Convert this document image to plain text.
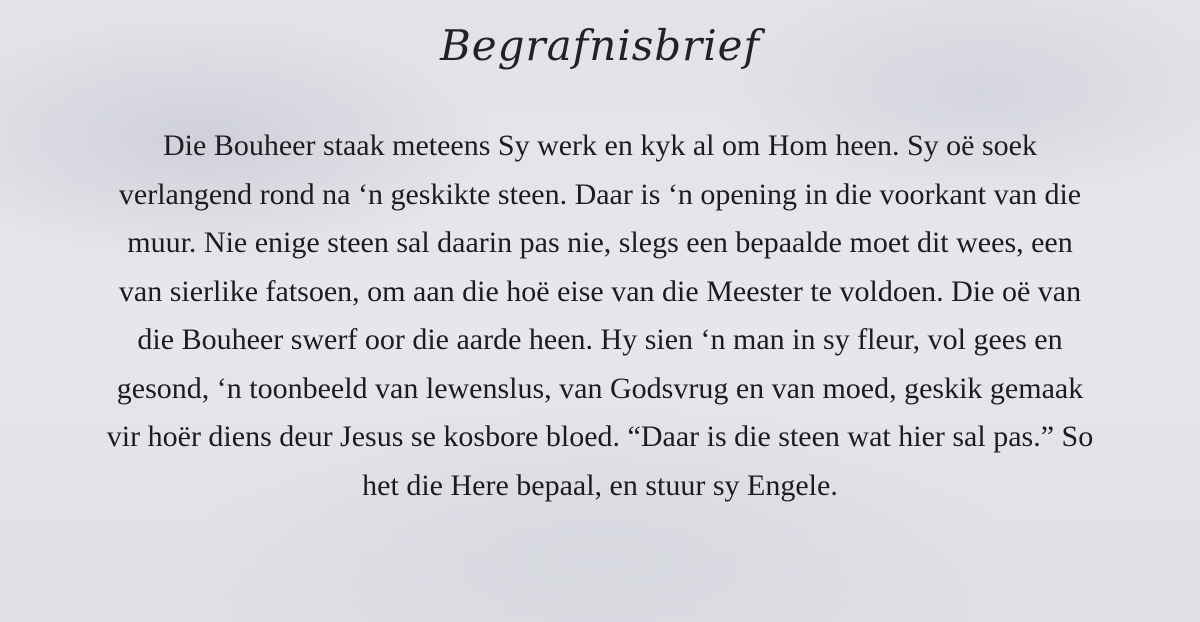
Begrafnisbrief
Die Bouheer staak meteens Sy werk en kyk al om Hom heen. Sy oë soek
verlangend rond na ‘n geskikte steen. Daar is ‘n opening in die voorkant van die
muur. Nie enige steen sal daarin pas nie, slegs een bepaalde moet dit wees, een
van sierlike fatsoen, om aan die hoë eise van die Meester te voldoen. Die oë van
die Bouheer swerf oor die aarde heen. Hy sien ‘n man in sy fleur, vol gees en
gesond, ‘n toonbeeld van lewenslus, van Godsvrug en van moed, geskik gemaak
vir hoër diens deur Jesus se kosbore bloed. “Daar is die steen wat hier sal pas.” So
het die Here bepaal, en stuur sy Engele.
